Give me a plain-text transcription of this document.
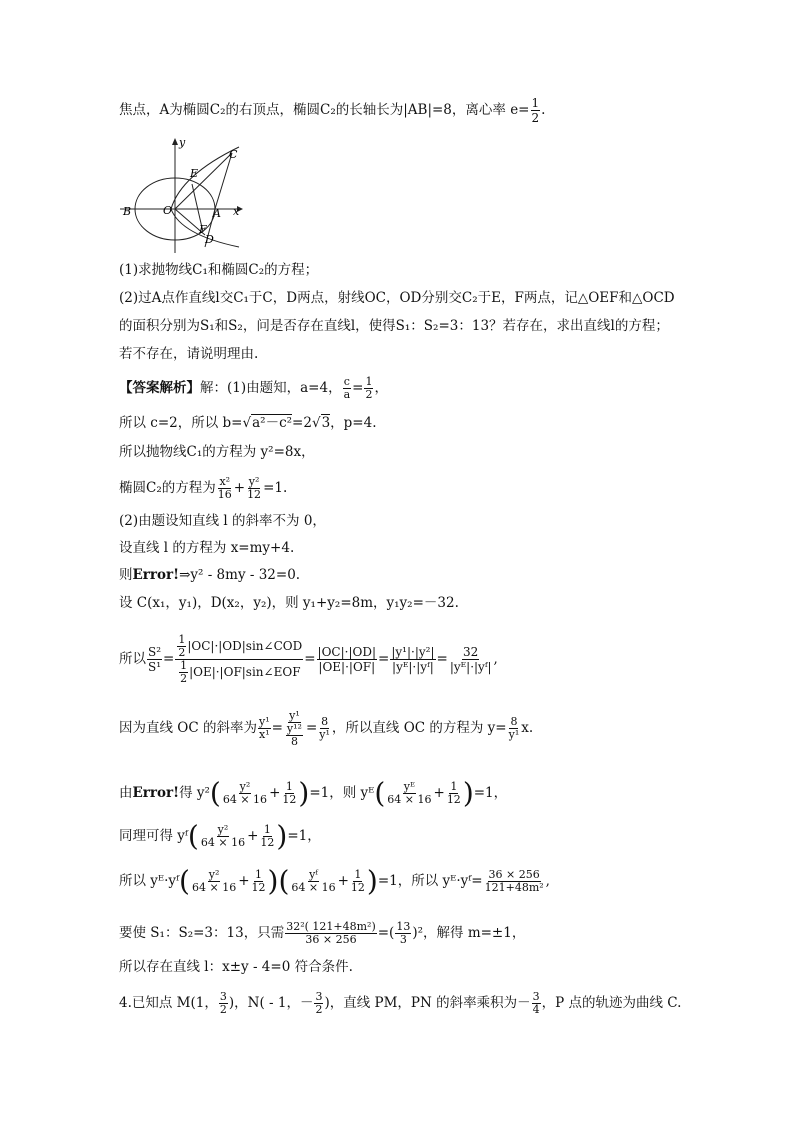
焦点，A为椭圆C₂的右顶点，椭圆C₂的长轴长为|AB|=8，离心率 $e= \frac{1}{2}$ .
y
x
B	O	A
C
E
F
D
(1)求抛物线C₁和椭圆C₂的方程；
(2)过A点作直线l交C₁于C，D两点，射线OC，OD分别交C₂于E，F两点，记△OEF和△OCD
的面积分别为S₁和S₂，问是否存在直线l，使得S₁：S₂=3：13？若存在，求出直线l的方程；
若不存在，请说明理由.
【答案解析】解：(1)由题知，a=4， $\frac{c}{a} = \frac{1}{2}$ ，
所以 c=2，所以 b=√a²－c²=2√3，p=4.
所以抛物线C₁的方程为 y²=8x，
椭圆C₂的方程为 $\frac{\text{x²}}{16} + \frac{\text{y²}}{12} =1$.
(2)由题设知直线 l 的斜率不为 0，
设直线 l 的方程为 x=my+4.
则Error!⇒y² - 8my - 32=0.
设 C(x₁，y₁)，D(x₂，y₂)，则 y₁+y₂=8m，y₁y₂=－32.
所以 $\frac{\text{S²}}{\text{S¹}} = \frac{\frac{1}{2} |OC|\cdot|OD|\sin\angle COD}{\frac{1}{2} |OE|\cdot|OF|\sin\angle EOF} = \frac{|OC|\cdot|OD|}{|OE|\cdot|OF|} = \frac{\text{|y¹|·|y²|}}{\text{|yᴱ|·|yᶠ|}} = \frac{32}{\text{|yᴱ|·|yᶠ|}}$ ,
因为直线 OC 的斜率为 $\frac{\text{y¹}}{\text{x¹}} = \frac{\text{y¹}}{\frac{\text{y¹²}}{8}} = \frac{8}{\text{y¹}}$ ，所以直线 OC 的方程为 $y= \frac{8}{\text{y¹}} x$.
由Error!得 $y^2( \frac{\text{y²}}{64 \times 16} + \frac{1}{12} )=1$，则 yᴱ( $\frac{\text{yᴱ}}{64 \times 16} + \frac{1}{12} )=1$，
同理可得 yᶠ( $\frac{\text{y²}}{64 \times 16} + \frac{1}{12} )=1$，
所以 yᴱ·yᶠ( $\frac{\text{y²}}{64 \times 16} + \frac{1}{12}$ )( $\frac{\text{yᶠ}}{64 \times 16} + \frac{1}{12} )=1$，所以 yᴱ·yᶠ= $\frac{36 \times 256}{\text{121+48m²}}$ ,
要使 S₁：S₂=3：13，只需 $\frac{\text{32²( 121+48m²)}}{36 \times 256}$ =( $\frac{13}{3} )^2$，解得 m=±1，
所以存在直线 l：x±y - 4=0 符合条件.
4.已知点 M(1， $\frac{3}{2}$ )，N( - 1，－ $\frac{3}{2}$ )，直线 PM，PN 的斜率乘积为－ $\frac{3}{4}$ ，P 点的轨迹为曲线 C.
